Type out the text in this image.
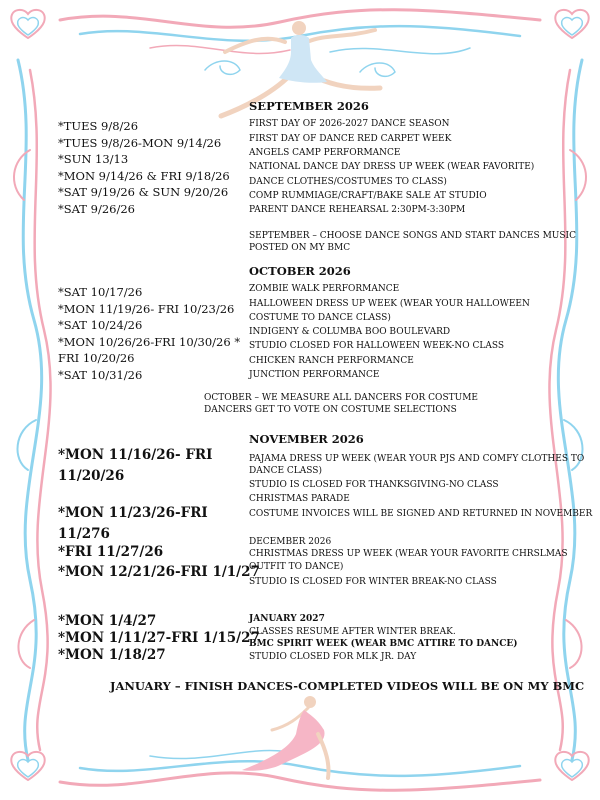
SEPTEMBER 2026
*TUES 9/8/26
*TUES 9/8/26-MON 9/14/26
*SUN 13/13
*MON 9/14/26 & FRI 9/18/26
*SAT 9/19/26 & SUN 9/20/26
*SAT 9/26/26
FIRST DAY OF 2026-2027 DANCE SEASON
FIRST DAY OF DANCE RED CARPET WEEK
ANGELS CAMP PERFORMANCE
NATIONAL DANCE DAY DRESS UP WEEK (WEAR FAVORITE)
DANCE CLOTHES/COSTUMES TO CLASS)
COMP RUMMIAGE/CRAFT/BAKE SALE AT STUDIO
PARENT DANCE REHEARSAL 2:30PM-3:30PM
SEPTEMBER – CHOOSE DANCE SONGS AND START DANCES MUSIC
POSTED ON MY BMC
OCTOBER 2026
*SAT 10/17/26
*MON 11/19/26- FRI 10/23/26
*SAT 10/24/26
*MON 10/26/26-FRI 10/30/26 *
FRI 10/20/26
*SAT 10/31/26
ZOMBIE WALK PERFORMANCE
HALLOWEEN DRESS UP WEEK (WEAR YOUR HALLOWEEN
COSTUME TO DANCE CLASS)
INDIGENY & COLUMBA BOO BOULEVARD
STUDIO CLOSED FOR HALLOWEEN WEEK-NO CLASS
CHICKEN RANCH PERFORMANCE
JUNCTION PERFORMANCE
OCTOBER – WE MEASURE ALL DANCERS FOR COSTUME
DANCERS GET TO VOTE ON COSTUME SELECTIONS
NOVEMBER 2026
*MON 11/16/26- FRI
11/20/26
*MON 11/23/26-FRI
11/276
*FRI 11/27/26
*MON 12/21/26-FRI 1/1/27
PAJAMA DRESS UP WEEK (WEAR YOUR PJS AND COMFY CLOTHES TO
DANCE CLASS)
STUDIO IS CLOSED FOR THANKSGIVING-NO CLASS
CHRISTMAS PARADE
COSTUME INVOICES WILL BE SIGNED AND RETURNED IN NOVEMBER
DECEMBER 2026
CHRISTMAS DRESS UP WEEK (WEAR YOUR FAVORITE CHRSLMAS
OUTFIT TO DANCE)
STUDIO IS CLOSED FOR WINTER BREAK-NO CLASS
*MON 1/4/27
*MON 1/11/27-FRI 1/15/27
*MON 1/18/27
JANUARY 2027
CLASSES RESUME AFTER WINTER BREAK.
BMC SPIRIT WEEK (WEAR BMC ATTIRE TO DANCE)
STUDIO CLOSED FOR MLK JR. DAY
JANUARY – FINISH DANCES-COMPLETED VIDEOS WILL BE ON MY BMC
